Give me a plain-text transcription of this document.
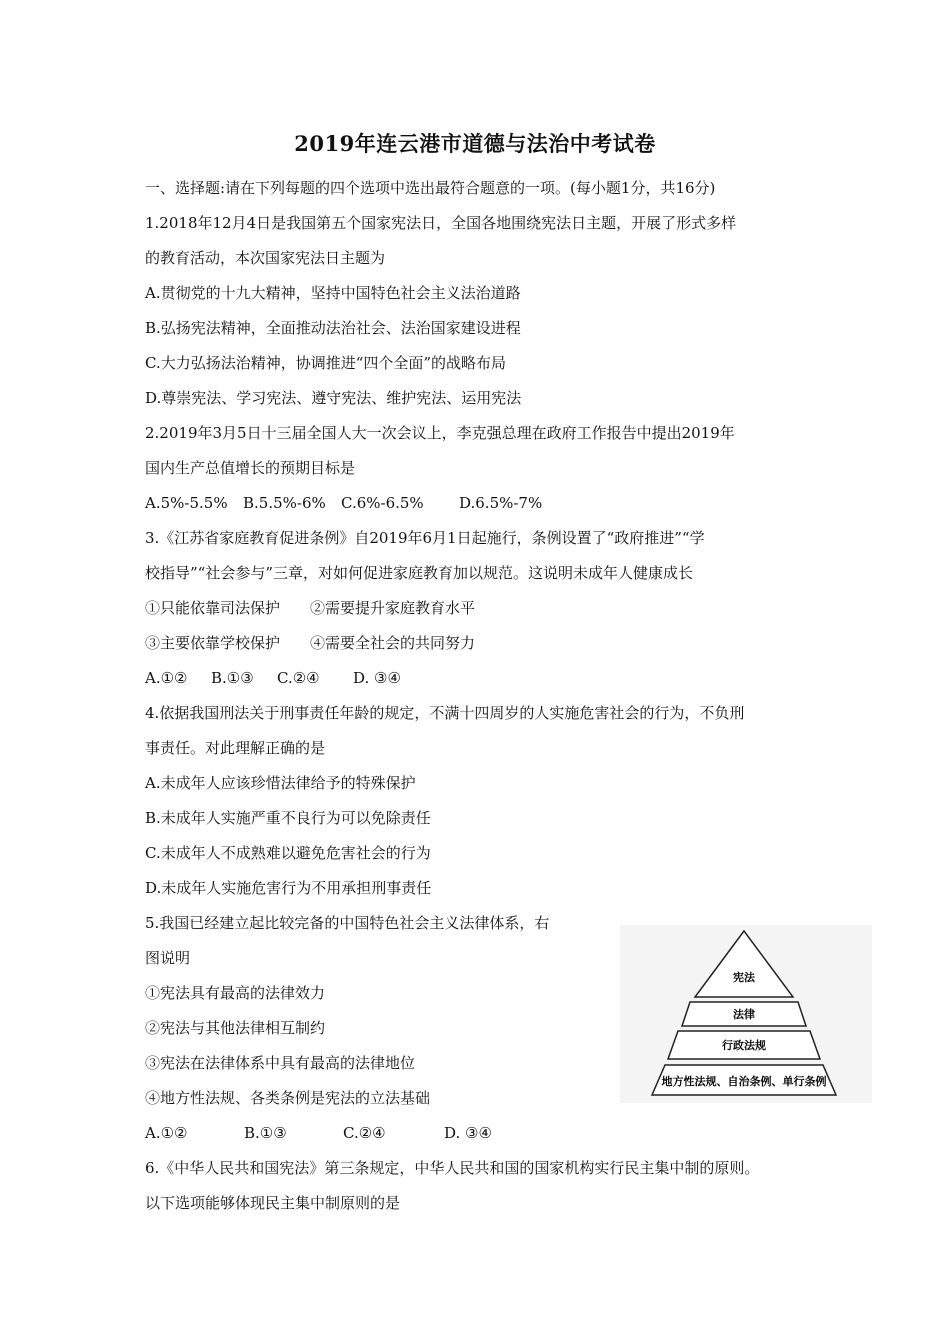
2019年连云港市道德与法治中考试卷
一、选择题:请在下列每题的四个选项中选出最符合题意的一项。(每小题1分，共16分)
1.2018年12月4日是我国第五个国家宪法日，全国各地围绕宪法日主题，开展了形式多样
的教育活动，本次国家宪法日主题为
A.贯彻党的十九大精神，坚持中国特色社会主义法治道路
B.弘扬宪法精神，全面推动法治社会、法治国家建设进程
C.大力弘扬法治精神，协调推进“四个全面”的战略布局
D.尊崇宪法、学习宪法、遵守宪法、维护宪法、运用宪法
2.2019年3月5日十三届全国人大一次会议上，李克强总理在政府工作报告中提出2019年
国内生产总值增长的预期目标是
A.5%-5.5% B.5.5%-6% C.6%-6.5% D.6.5%-7%
3.《江苏省家庭教育促进条例》自2019年6月1日起施行，条例设置了“政府推进”“学
校指导”“社会参与”三章，对如何促进家庭教育加以规范。这说明未成年人健康成长
①只能依靠司法保护 ②需要提升家庭教育水平
③主要依靠学校保护 ④需要全社会的共同努力
A.①② B.①③ C.②④ D. ③④
4.依据我国刑法关于刑事责任年龄的规定，不满十四周岁的人实施危害社会的行为，不负刑
事责任。对此理解正确的是
A.未成年人应该珍惜法律给予的特殊保护
B.未成年人实施严重不良行为可以免除责任
C.未成年人不成熟难以避免危害社会的行为
D.未成年人实施危害行为不用承担刑事责任
5.我国已经建立起比较完备的中国特色社会主义法律体系，右
图说明
①宪法具有最高的法律效力
②宪法与其他法律相互制约
③宪法在法律体系中具有最高的法律地位
④地方性法规、各类条例是宪法的立法基础
A.①②	B.①③	C.②④	D. ③④
宪法
法律
行政法规
地方性法规、自治条例、单行条例
6.《中华人民共和国宪法》第三条规定，中华人民共和国的国家机构实行民主集中制的原则。
以下选项能够体现民主集中制原则的是
